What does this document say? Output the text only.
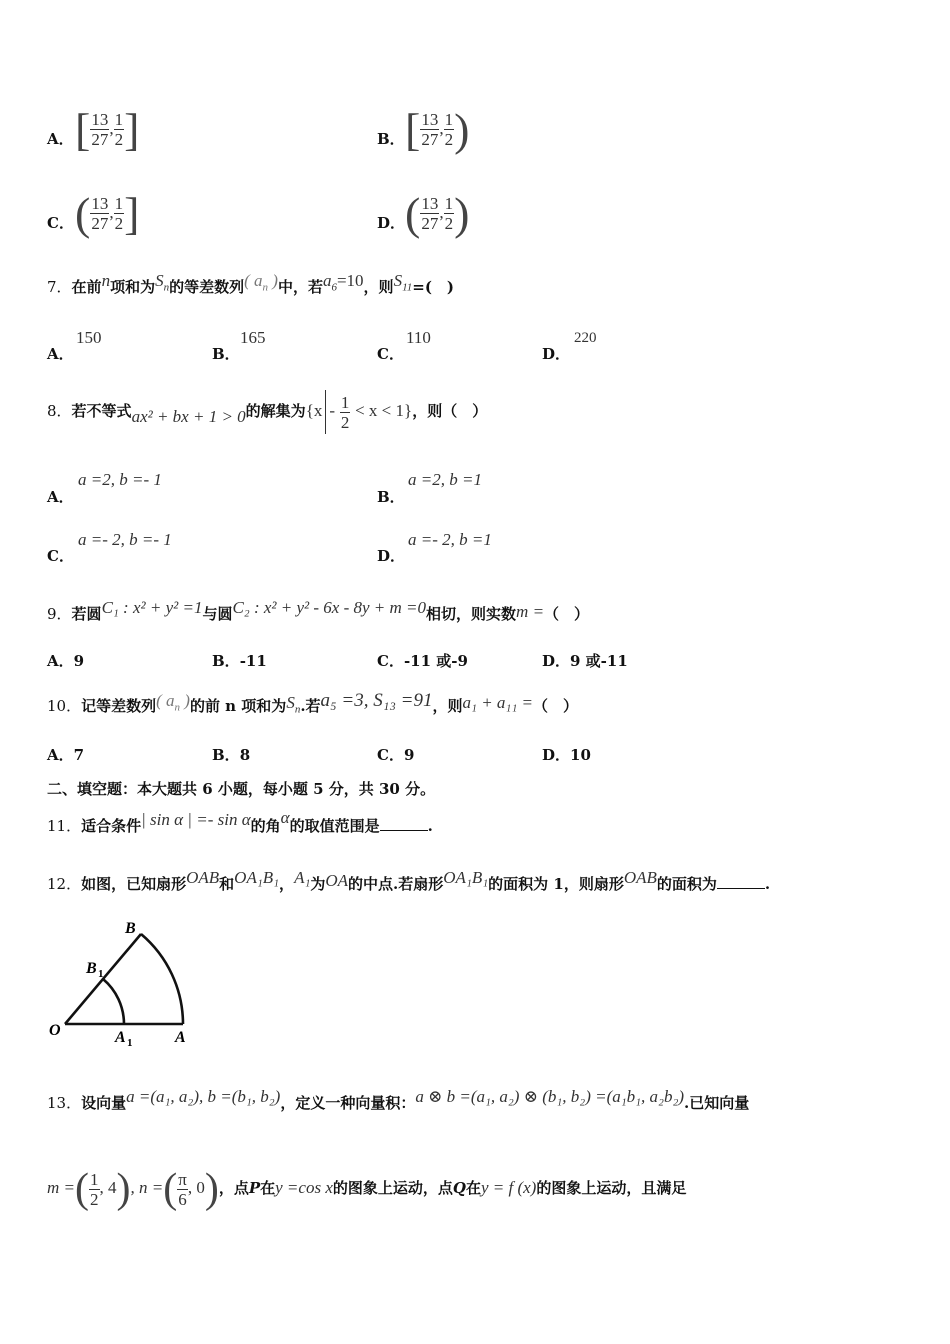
A． [ $\frac{13}{27}$ , $\frac{1}{2}$ ]	B． [ $\frac{13}{27}$ , $\frac{1}{2}$ )
C． ( $\frac{13}{27}$ , $\frac{1}{2}$ ]	D． ( $\frac{13}{27}$ , $\frac{1}{2}$ )
7．在前n项和为$S_n$的等差数列( $a_n$ )中，若$a_6=10$，则$S_{11}=$(　)
A．
150
B．
165
C．
110
D．
220
8．若不等式ax² + bx + 1 > 0的解集为$\{x - \frac{1}{2} < x < 1\}$，则（　）
A．
a =2, b =- 1
B．
a =2, b =1
C．
a =- 2, b =- 1
D．
a =- 2, b =1
9．若圆C₁ : x² + y² =1与圆C₂ : x² + y² - 6x - 8y + m =0相切，则实数m =（　）
A．9	B．-11	C．-11 或-9	D．9 或-11
10．记等差数列( $a_n$ )的前 n 项和为$S_n$.若a₅ =3, S₁₃ =91，则a₁ + a₁₁ =（　）
A．7	B．8	C．9	D．10
二、填空题：本大题共 6 小题，每小题 5 分，共 30 分。
11．适合条件| sin α | =- sin α的角α的取值范围是	.
12．如图，已知扇形OAB和OA₁B₁，A₁为OA的中点.若扇形OA₁B₁的面积为 1，则扇形OAB的面积为	.
O	A
A 1
B
B 1
13．设向量a =(a₁, a₂), b =(b₁, b₂)，定义一种向量积：a ⊗ b =(a₁, a₂) ⊗ (b₁, b₂) =(a₁b₁, a₂b₂).已知向量
m =( $\frac{1}{2}$ , 4), n =( $\frac{\pi}{6}$ , 0)，点P在y =cos x的图象上运动，点Q在y = f (x)的图象上运动，且满足
